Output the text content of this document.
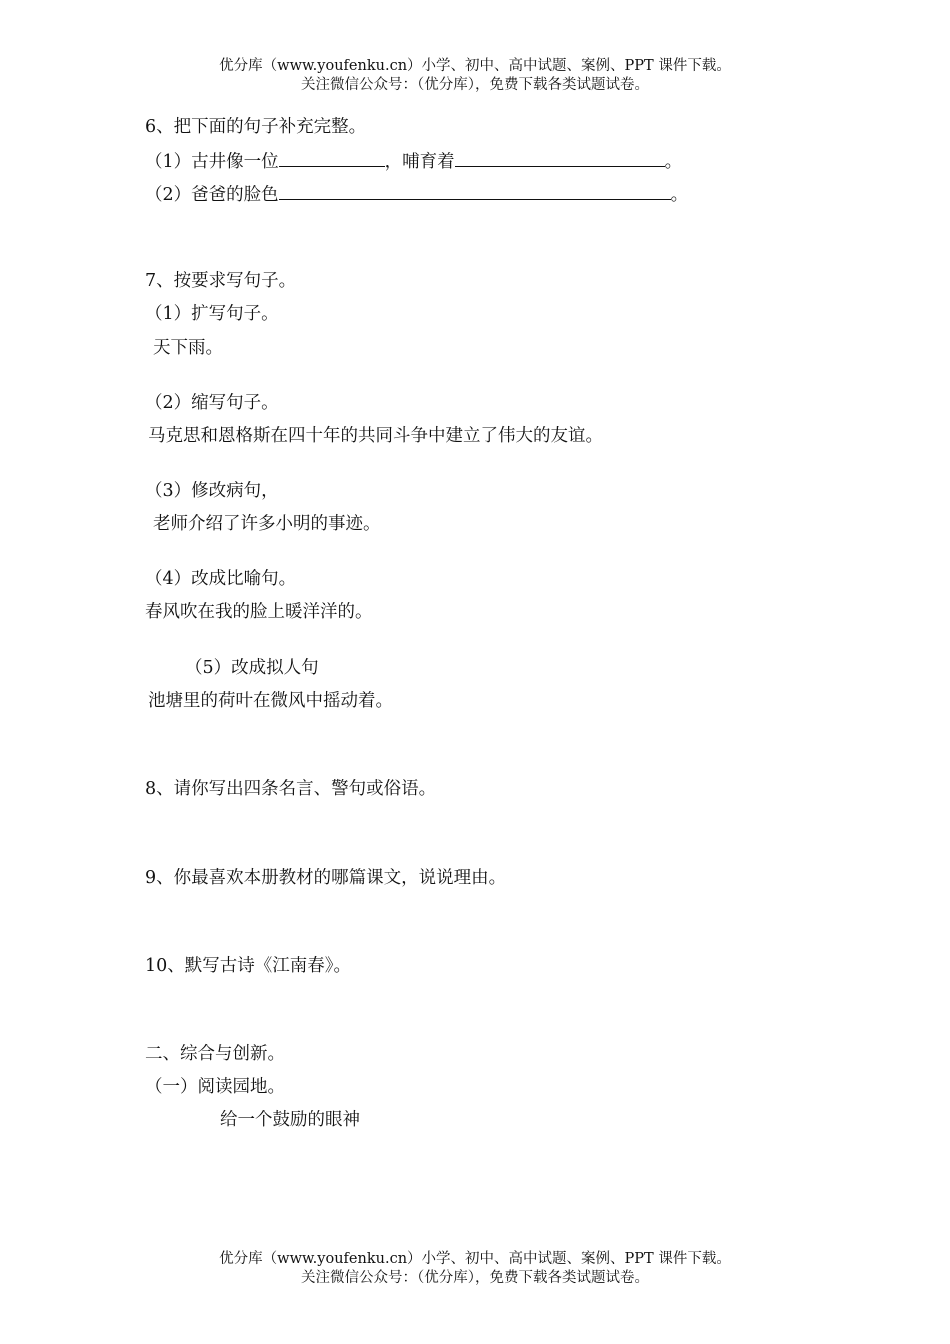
优分库（www.youfenku.cn）小学、初中、高中试题、案例、PPT 课件下载。
关注微信公众号：（优分库），免费下载各类试题试卷。
6、把下面的句子补充完整。
（1）古井像一位	，哺育着	。
（2）爸爸的脸色	。
7、按要求写句子。
（1）扩写句子。
天下雨。
（2）缩写句子。
马克思和恩格斯在四十年的共同斗争中建立了伟大的友谊。
（3）修改病句，
老师介绍了许多小明的事迹。
（4）改成比喻句。
春风吹在我的脸上暖洋洋的。
（5）改成拟人句
池塘里的荷叶在微风中摇动着。
8、请你写出四条名言、警句或俗语。
9、你最喜欢本册教材的哪篇课文，说说理由。
10、默写古诗《江南春》。
二、综合与创新。
（一）阅读园地。
给一个鼓励的眼神
优分库（www.youfenku.cn）小学、初中、高中试题、案例、PPT 课件下载。
关注微信公众号：（优分库），免费下载各类试题试卷。
